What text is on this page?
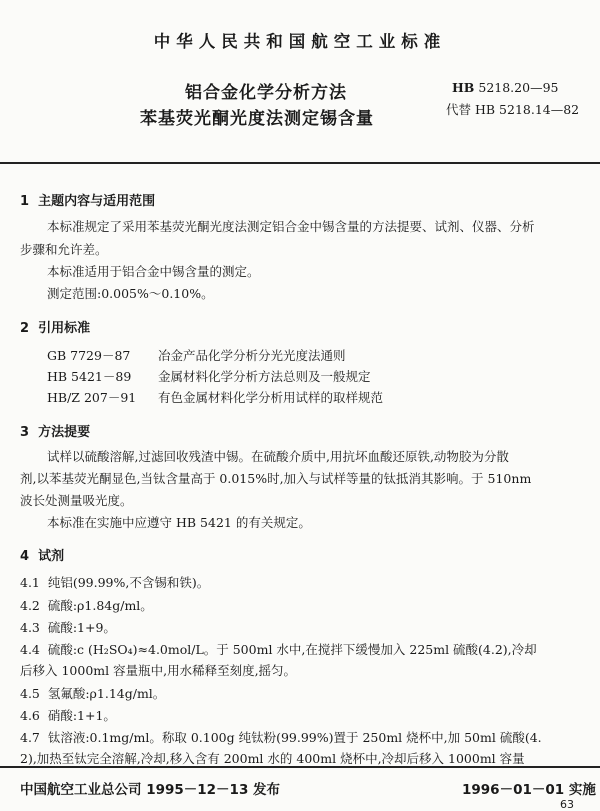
中华人民共和国航空工业标准
铝合金化学分析方法
苯基荧光酮光度法测定锡含量
HB 5218.20—95
代替 HB 5218.14—82
1 主题内容与适用范围
本标准规定了采用苯基荧光酮光度法测定铝合金中锡含量的方法提要、试剂、仪器、分析
步骤和允许差。
本标准适用于铝合金中锡含量的测定。
测定范围:0.005%～0.10%。
2 引用标准
GB 7729－87 冶金产品化学分析分光光度法通则
HB 5421－89 金属材料化学分析方法总则及一般规定
HB/Z 207－91 有色金属材料化学分析用试样的取样规范
3 方法提要
试样以硫酸溶解,过滤回收残渣中锡。在硫酸介质中,用抗坏血酸还原铁,动物胶为分散
剂,以苯基荧光酮显色,当钛含量高于 0.015%时,加入与试样等量的钛抵消其影响。于 510nm
波长处测量吸光度。
本标准在实施中应遵守 HB 5421 的有关规定。
4 试剂
4.1 纯铝(99.99%,不含锡和铁)。
4.2 硫酸:ρ1.84g/ml。
4.3 硫酸:1+9。
4.4 硫酸:c (H₂SO₄)≈4.0mol/L。于 500ml 水中,在搅拌下缓慢加入 225ml 硫酸(4.2),冷却
后移入 1000ml 容量瓶中,用水稀释至刻度,摇匀。
4.5 氢氟酸:ρ1.14g/ml。
4.6 硝酸:1+1。
4.7 钛溶液:0.1mg/ml。称取 0.100g 纯钛粉(99.99%)置于 250ml 烧杯中,加 50ml 硫酸(4.
2),加热至钛完全溶解,冷却,移入含有 200ml 水的 400ml 烧杯中,冷却后移入 1000ml 容量
中国航空工业总公司 1995－12－13 发布	1996－01－01 实施
63
